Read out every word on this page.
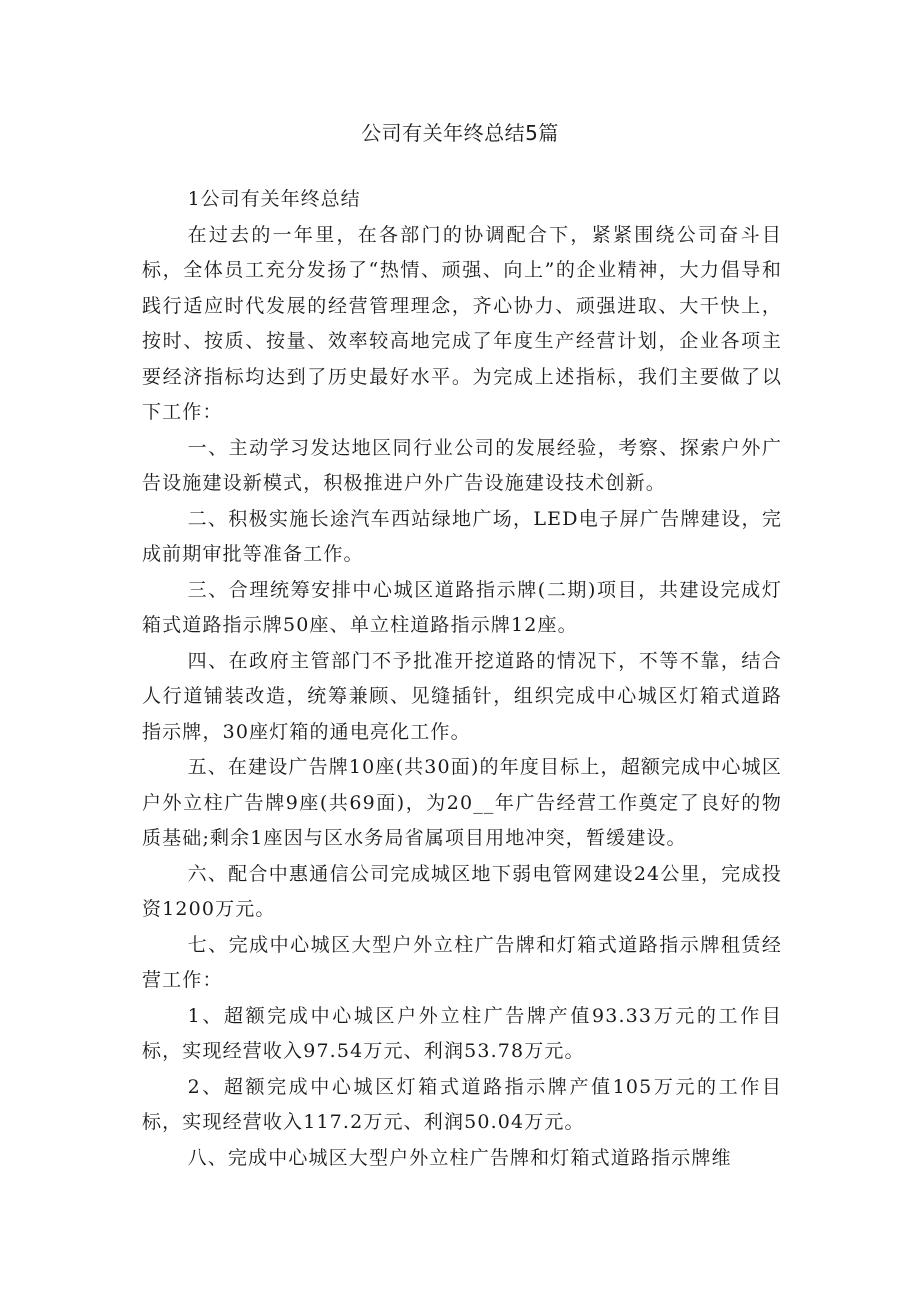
公司有关年终总结5篇

1公司有关年终总结

在过去的一年里，在各部门的协调配合下，紧紧围绕公司奋斗目标，全体员工充分发扬了“热情、顽强、向上”的企业精神，大力倡导和践行适应时代发展的经营管理理念，齐心协力、顽强进取、大干快上，按时、按质、按量、效率较高地完成了年度生产经营计划，企业各项主要经济指标均达到了历史最好水平。为完成上述指标，我们主要做了以下工作：

一、主动学习发达地区同行业公司的发展经验，考察、探索户外广告设施建设新模式，积极推进户外广告设施建设技术创新。

二、积极实施长途汽车西站绿地广场，LED电子屏广告牌建设，完成前期审批等准备工作。

三、合理统筹安排中心城区道路指示牌(二期)项目，共建设完成灯箱式道路指示牌50座、单立柱道路指示牌12座。

四、在政府主管部门不予批准开挖道路的情况下，不等不靠，结合人行道铺装改造，统筹兼顾、见缝插针，组织完成中心城区灯箱式道路指示牌，30座灯箱的通电亮化工作。

五、在建设广告牌10座(共30面)的年度目标上，超额完成中心城区户外立柱广告牌9座(共69面)，为20__年广告经营工作奠定了良好的物质基础;剩余1座因与区水务局省属项目用地冲突，暂缓建设。

六、配合中惠通信公司完成城区地下弱电管网建设24公里，完成投资1200万元。

七、完成中心城区大型户外立柱广告牌和灯箱式道路指示牌租赁经营工作：

1、超额完成中心城区户外立柱广告牌产值93.33万元的工作目标，实现经营收入97.54万元、利润53.78万元。

2、超额完成中心城区灯箱式道路指示牌产值105万元的工作目标，实现经营收入117.2万元、利润50.04万元。

八、完成中心城区大型户外立柱广告牌和灯箱式道路指示牌维
